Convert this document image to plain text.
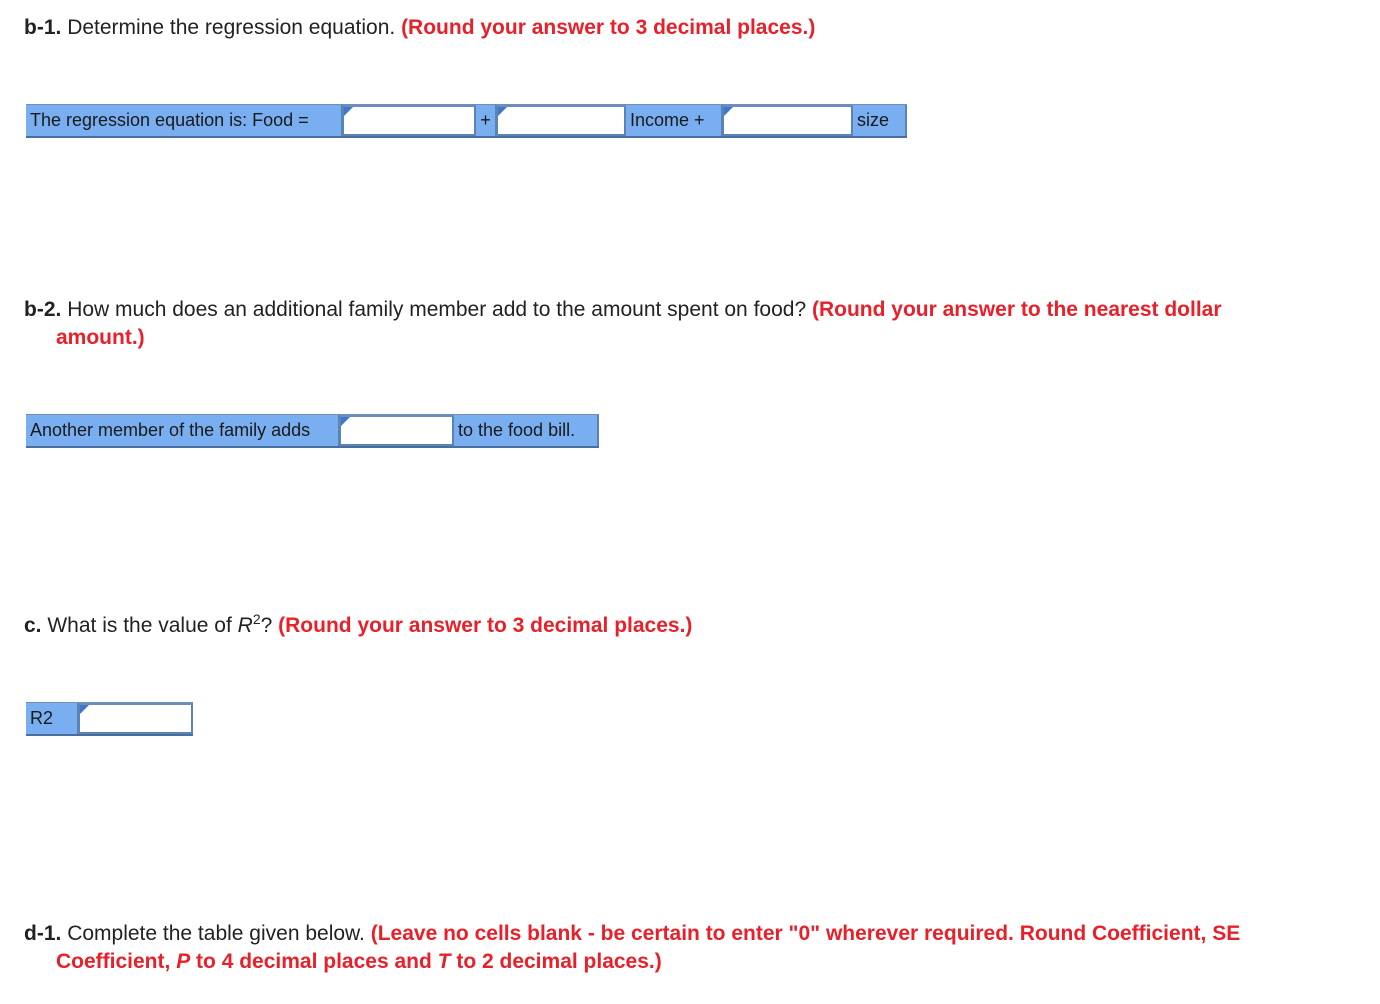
b-1. Determine the regression equation. (Round your answer to 3 decimal places.)
The regression equation is: Food =	+	Income +	size
b-2. How much does an additional family member add to the amount spent on food? (Round your answer to the nearest dollar
amount.)
Another member of the family adds	to the food bill.
c. What is the value of $R^2$? (Round your answer to 3 decimal places.)
R2
d-1. Complete the table given below. (Leave no cells blank - be certain to enter "0" wherever required. Round Coefficient, SE
Coefficient, P to 4 decimal places and T to 2 decimal places.)
